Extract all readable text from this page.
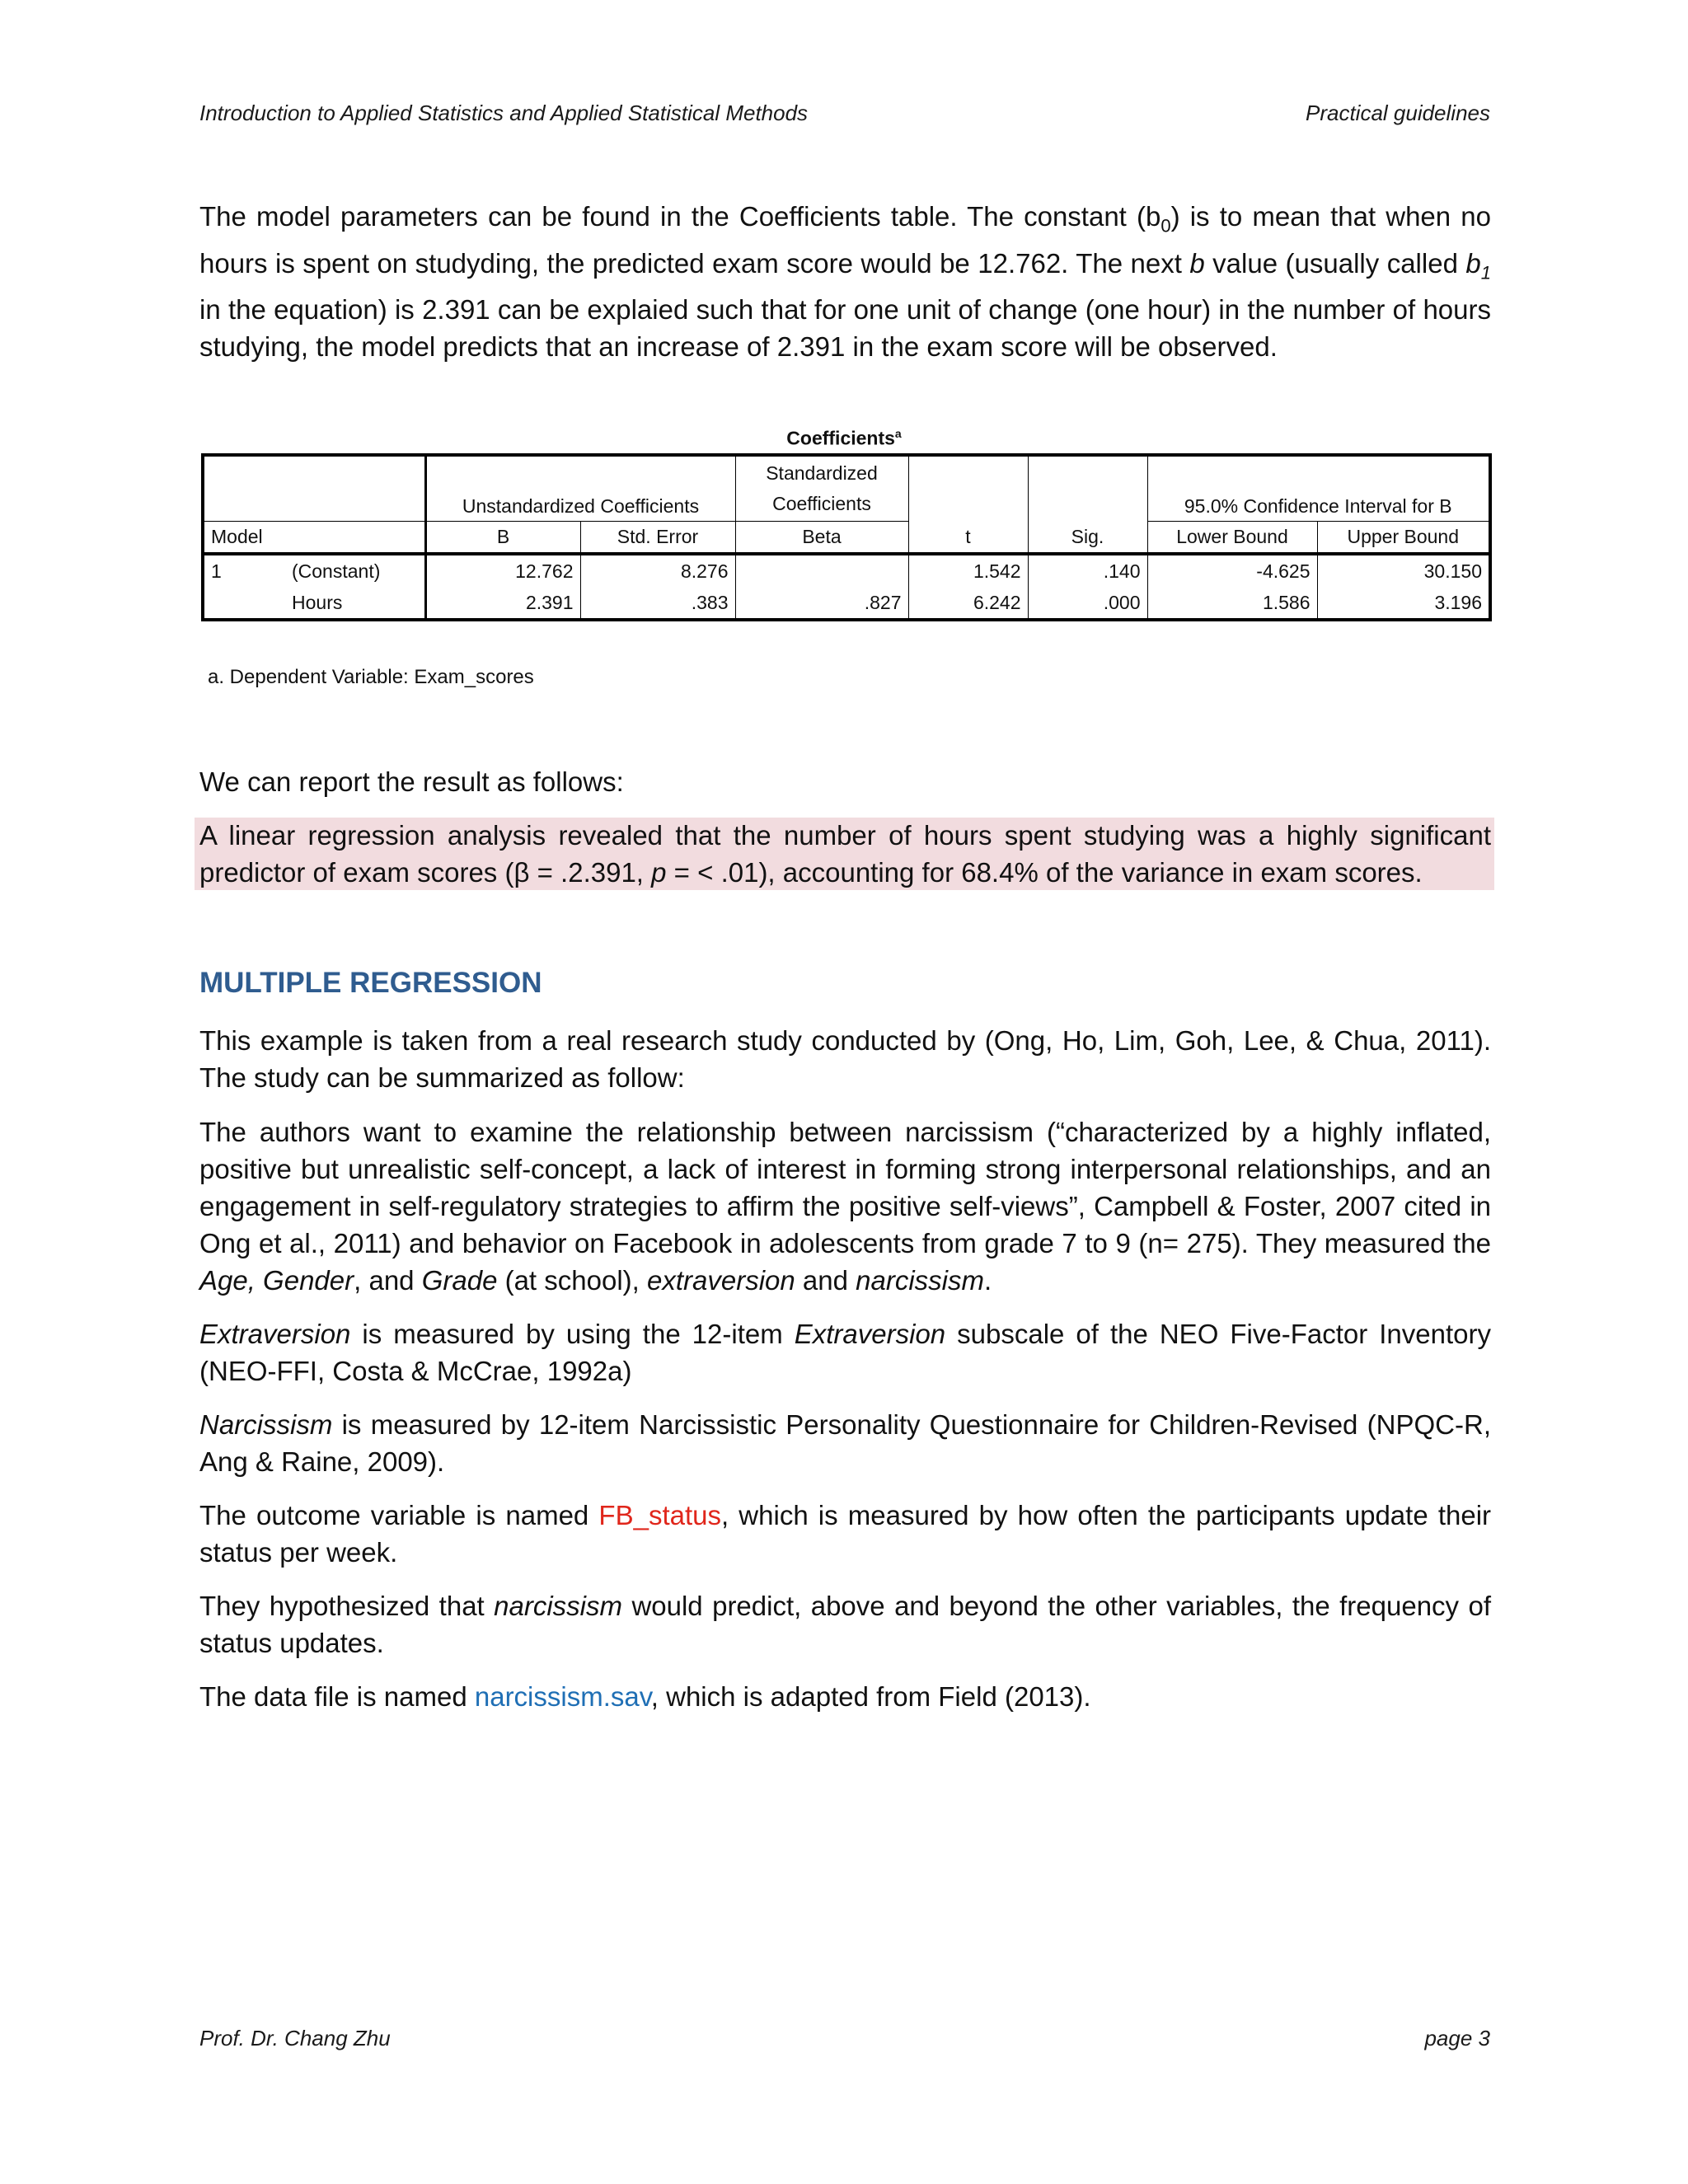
Introduction to Applied Statistics and Applied Statistical Methods	Practical guidelines

The model parameters can be found in the Coefficients table. The constant $(b_0)$ is to mean that when no hours is spent on studyding, the predicted exam score would be 12.762. The next b value (usually called $b_1$ in the equation) is 2.391 can be explaied such that for one unit of change (one hour) in the number of hours studying, the model predicts that an increase of 2.391 in the exam score will be observed.

Coefficients$^a$
		Unstandardized Coefficients		Standardized			95.0% Confidence Interval for B	
				Coefficients				
Model		B	Std. Error	Beta	t	Sig.	Lower Bound	Upper Bound
1	(Constant)	12.762	8.276		1.542	.140	-4.625	30.150
	Hours	2.391	.383	.827	6.242	.000	1.586	3.196
a. Dependent Variable: Exam_scores

We can report the result as follows:

A linear regression analysis revealed that the number of hours spent studying was a highly significant predictor of exam scores (β = .2.391, p = < .01), accounting for 68.4% of the variance in exam scores.

MULTIPLE REGRESSION

This example is taken from a real research study conducted by (Ong, Ho, Lim, Goh, Lee, & Chua, 2011). The study can be summarized as follow:

The authors want to examine the relationship between narcissism (“characterized by a highly inflated, positive but unrealistic self-concept, a lack of interest in forming strong interpersonal relationships, and an engagement in self-regulatory strategies to affirm the positive self-views”, Campbell & Foster, 2007 cited in Ong et al., 2011) and behavior on Facebook in adolescents from grade 7 to 9 (n= 275). They measured the Age, Gender, and Grade (at school), extraversion and narcissism.

Extraversion is measured by using the 12-item Extraversion subscale of the NEO Five-Factor Inventory (NEO-FFI, Costa & McCrae, 1992a)

Narcissism is measured by 12-item Narcissistic Personality Questionnaire for Children-Revised (NPQC-R, Ang & Raine, 2009).

The outcome variable is named FB_status, which is measured by how often the participants update their status per week.

They hypothesized that narcissism would predict, above and beyond the other variables, the frequency of status updates.

The data file is named narcissism.sav, which is adapted from Field (2013).

Prof. Dr. Chang Zhu	page 3
